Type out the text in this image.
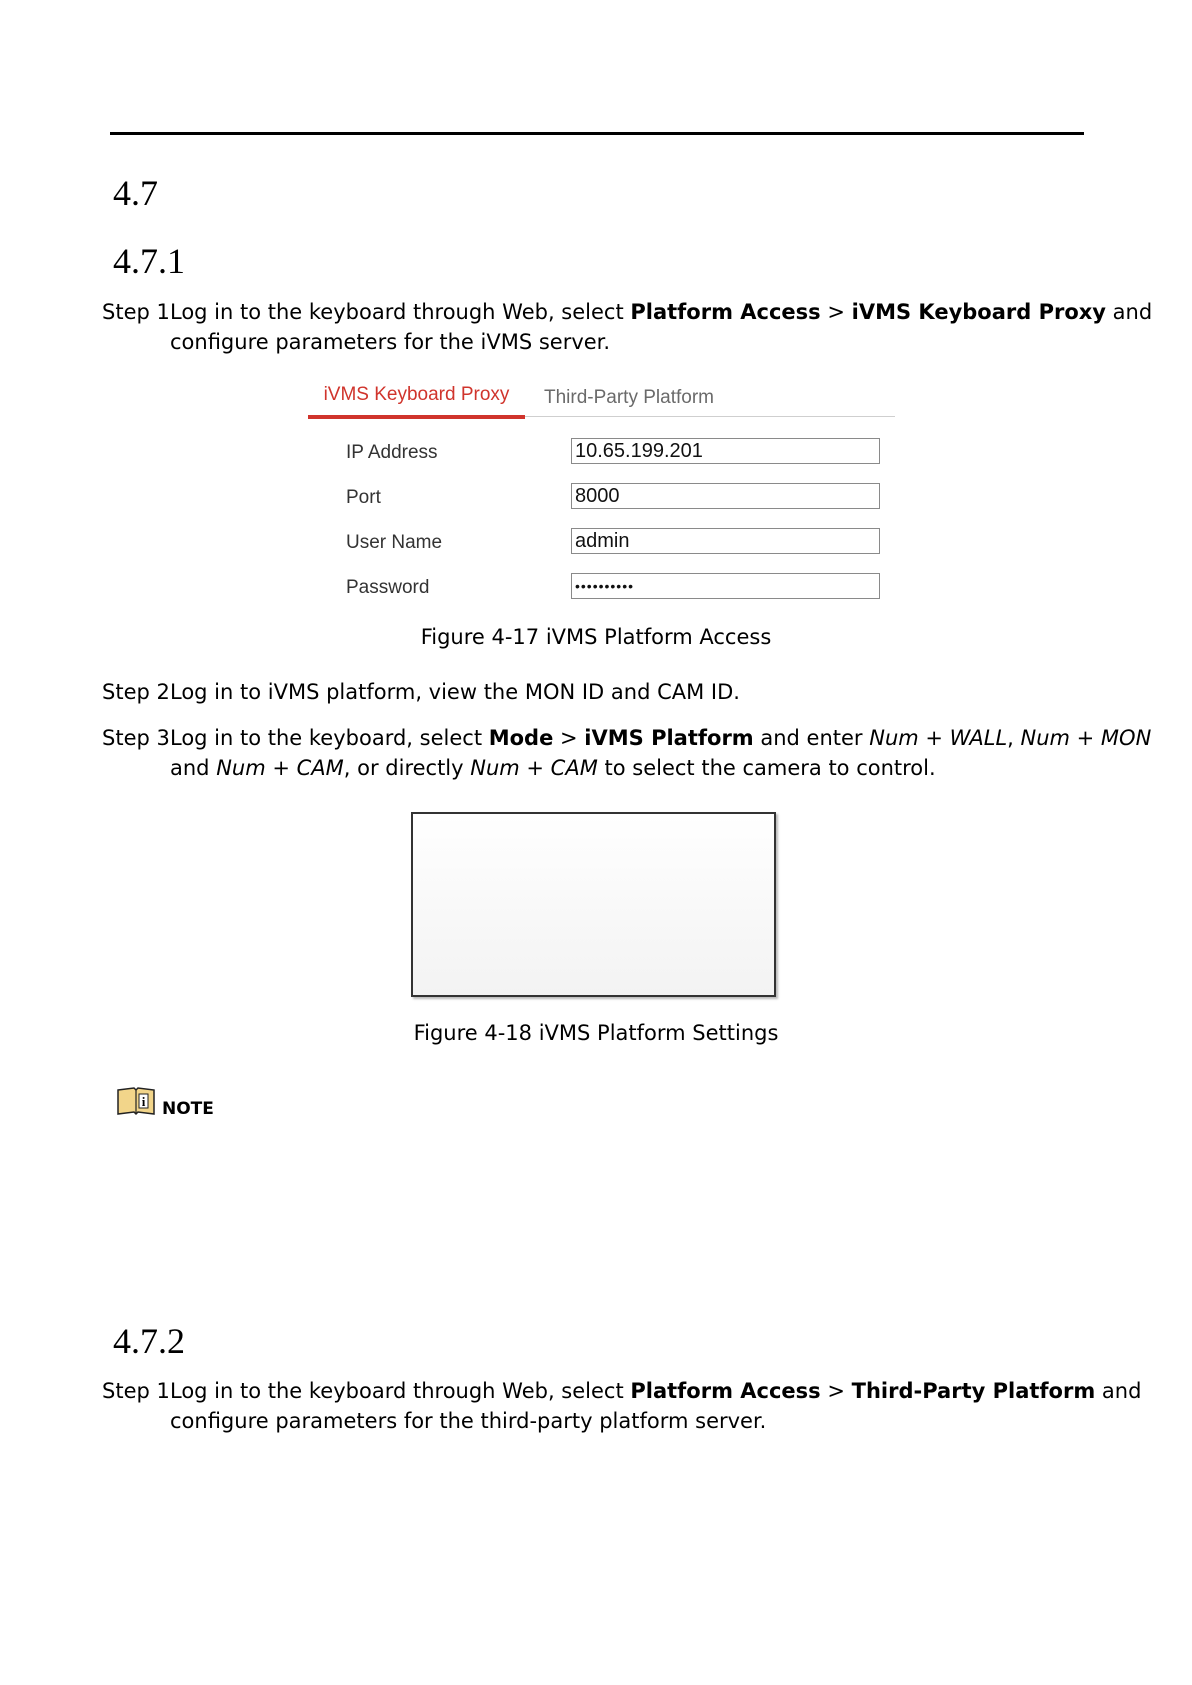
4.7
4.7.1
Step 1Log in to the keyboard through Web, select Platform Access > iVMS Keyboard Proxy and
configure parameters for the iVMS server.
iVMS Keyboard Proxy	Third-Party Platform
IP Address	10.65.199.201
Port	8000
User Name	admin
Password	••••••••••
Figure 4-17 iVMS Platform Access
Step 2Log in to iVMS platform, view the MON ID and CAM ID.
Step 3Log in to the keyboard, select Mode > iVMS Platform and enter Num + WALL, Num + MON
and Num + CAM, or directly Num + CAM to select the camera to control.
Figure 4-18 iVMS Platform Settings
i NOTE
4.7.2
Step 1Log in to the keyboard through Web, select Platform Access > Third-Party Platform and
configure parameters for the third-party platform server.
